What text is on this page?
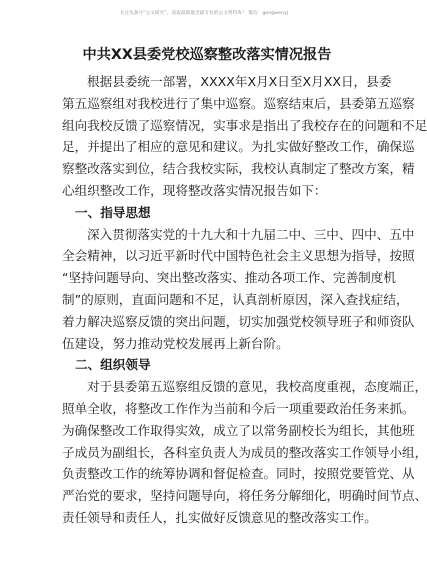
关注头条号“公文研究”，获取最新最全最专业的公文资料库！ 微信：gongwenyj
中共XX县委党校巡察整改落实情况报告
根据县委统一部署，XXXX年X月X日至X月XX日，县委
第五巡察组对我校进行了集中巡察。巡察结束后，县委第五巡察
组向我校反馈了巡察情况，实事求是指出了我校存在的问题和不足
足，并提出了相应的意见和建议。为扎实做好整改工作，确保巡
察整改落实到位，结合我校实际，我校认真制定了整改方案，精
心组织整改工作，现将整改落实情况报告如下：
一、指导思想
深入贯彻落实党的十九大和十九届二中、三中、四中、五中
全会精神，以习近平新时代中国特色社会主义思想为指导，按照
“坚持问题导向、突出整改落实、推动各项工作、完善制度机
制”的原则，直面问题和不足，认真剖析原因，深入查找症结，
着力解决巡察反馈的突出问题，切实加强党校领导班子和师资队
伍建设，努力推动党校发展再上新台阶。
二、组织领导
对于县委第五巡察组反馈的意见，我校高度重视，态度端正，
照单全收，将整改工作作为当前和今后一项重要政治任务来抓。
为确保整改工作取得实效，成立了以常务副校长为组长，其他班
子成员为副组长，各科室负责人为成员的整改落实工作领导小组，
负责整改工作的统筹协调和督促检查。同时，按照党要管党、从
严治党的要求，坚持问题导向，将任务分解细化，明确时间节点、
责任领导和责任人，扎实做好反馈意见的整改落实工作。
